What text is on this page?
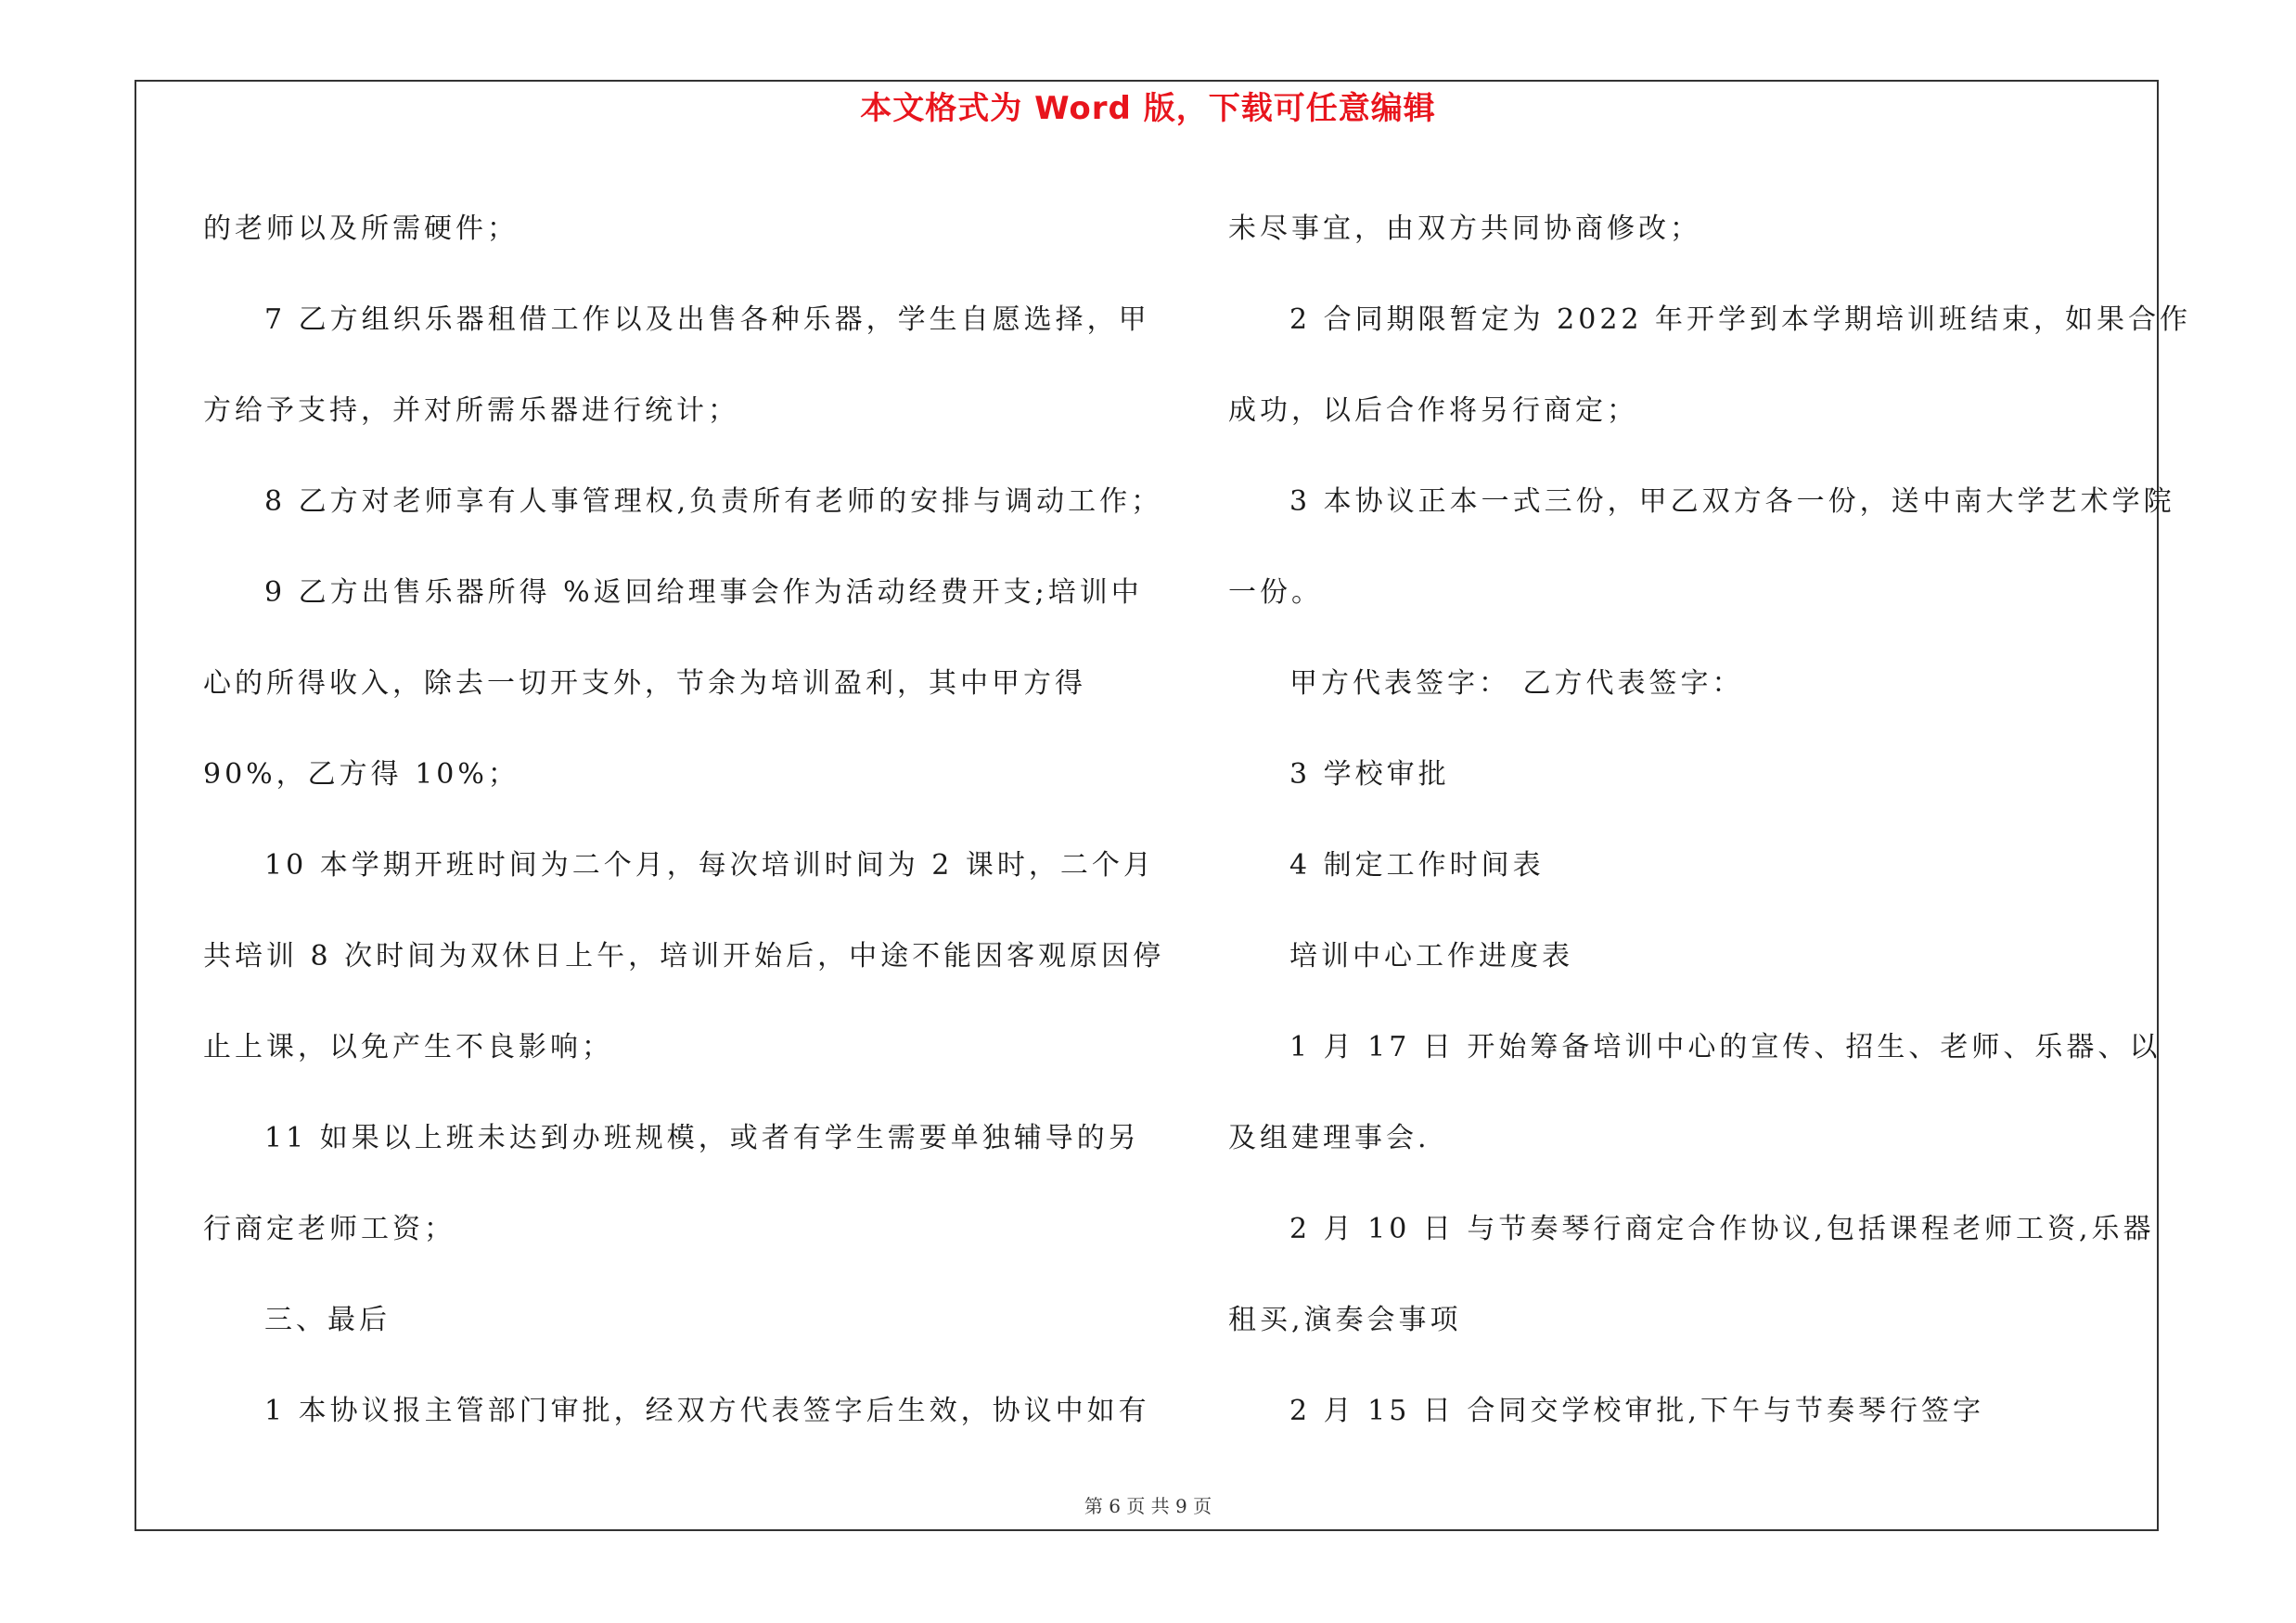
本文格式为 Word 版，下载可任意编辑
的老师以及所需硬件；
7 乙方组织乐器租借工作以及出售各种乐器，学生自愿选择，甲
方给予支持，并对所需乐器进行统计；
8 乙方对老师享有人事管理权,负责所有老师的安排与调动工作；
9 乙方出售乐器所得 %返回给理事会作为活动经费开支;培训中
心的所得收入，除去一切开支外，节余为培训盈利，其中甲方得
90%，乙方得 10%；
10 本学期开班时间为二个月，每次培训时间为 2 课时，二个月
共培训 8 次时间为双休日上午，培训开始后，中途不能因客观原因停
止上课，以免产生不良影响；
11 如果以上班未达到办班规模，或者有学生需要单独辅导的另
行商定老师工资；
三、最后
1 本协议报主管部门审批，经双方代表签字后生效，协议中如有
未尽事宜，由双方共同协商修改；
2 合同期限暂定为 2022 年开学到本学期培训班结束，如果合作
成功，以后合作将另行商定；
3 本协议正本一式三份，甲乙双方各一份，送中南大学艺术学院
一份。
甲方代表签字： 乙方代表签字：
3 学校审批
4 制定工作时间表
培训中心工作进度表
1 月 17 日 开始筹备培训中心的宣传、招生、老师、乐器、以
及组建理事会.
2 月 10 日 与节奏琴行商定合作协议,包括课程老师工资,乐器
租买,演奏会事项
2 月 15 日 合同交学校审批,下午与节奏琴行签字
第 6 页 共 9 页
